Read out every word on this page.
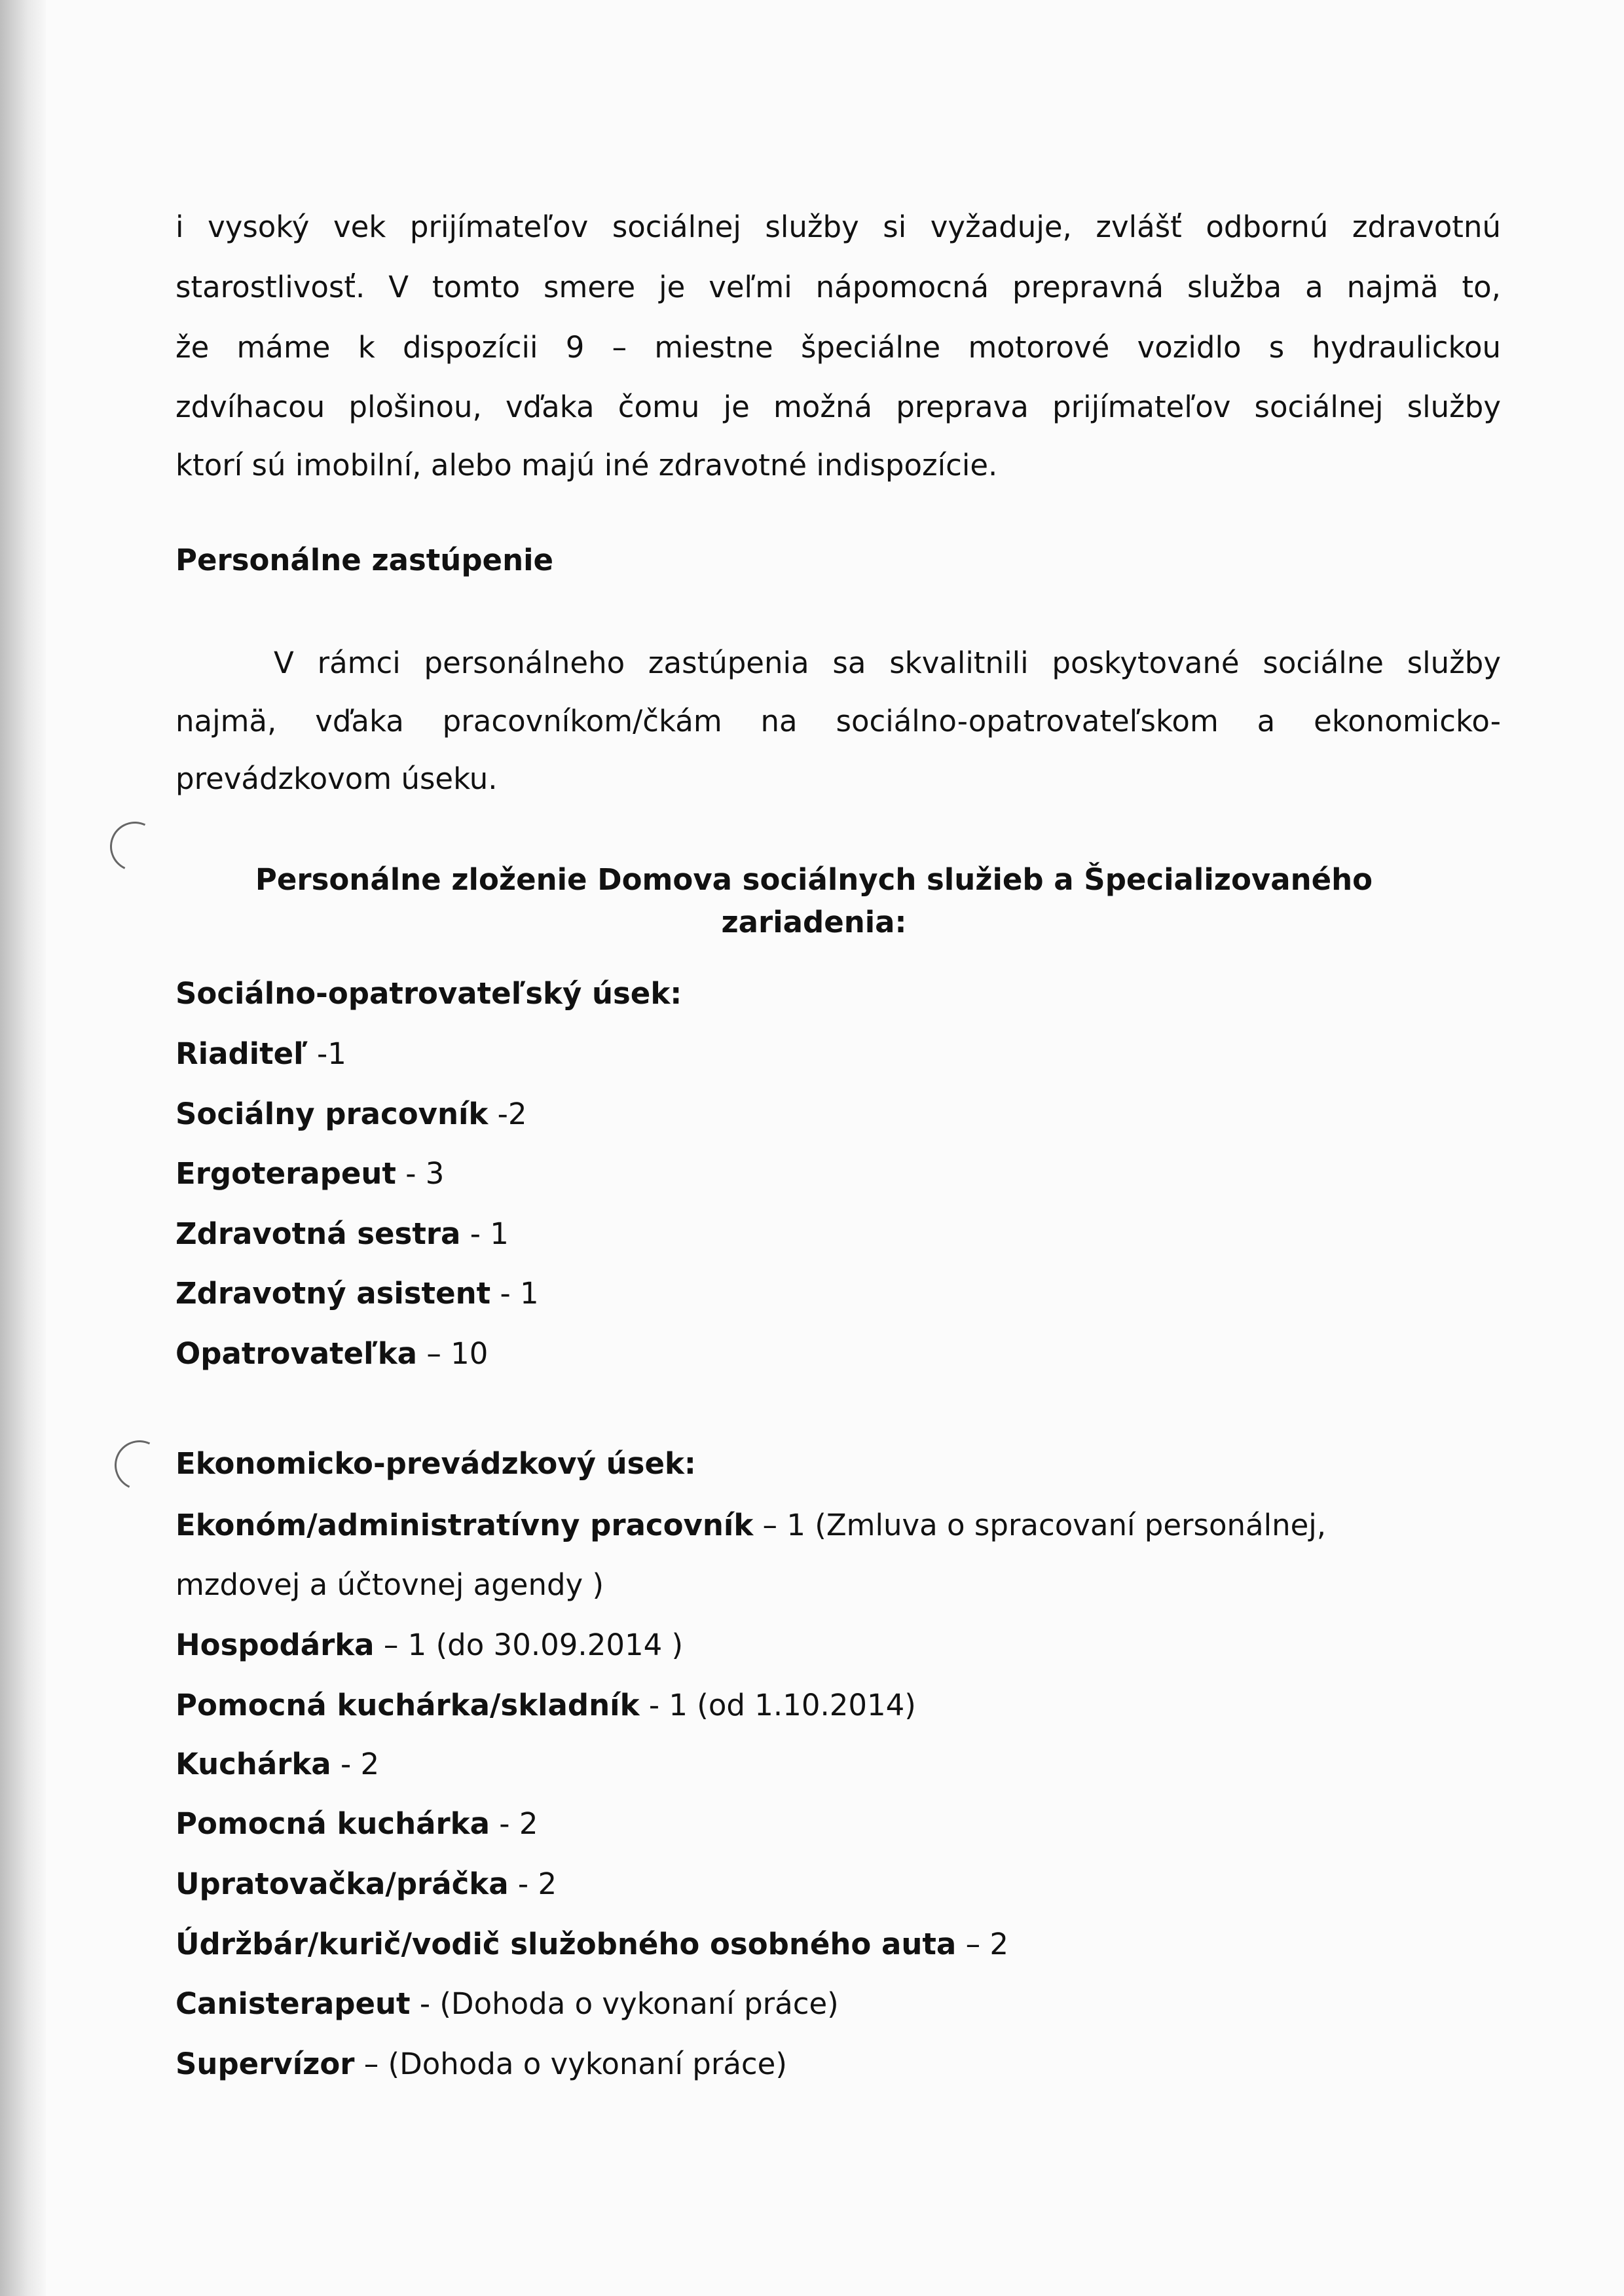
i vysoký vek prijímateľov sociálnej služby si vyžaduje, zvlášť odbornú zdravotnú
starostlivosť. V tomto smere je veľmi nápomocná prepravná služba a najmä to,
že máme k dispozícii 9 – miestne špeciálne motorové vozidlo s hydraulickou
zdvíhacou plošinou, vďaka čomu je možná preprava prijímateľov sociálnej služby
ktorí sú imobilní, alebo majú iné zdravotné indispozície.
Personálne zastúpenie
V rámci personálneho zastúpenia sa skvalitnili poskytované sociálne služby
najmä, vďaka pracovníkom/čkám na sociálno-opatrovateľskom a ekonomicko-
prevádzkovom úseku.
Personálne zloženie Domova sociálnych služieb a Špecializovaného
zariadenia:
Sociálno-opatrovateľský úsek:
Riaditeľ -1
Sociálny pracovník -2
Ergoterapeut - 3
Zdravotná sestra - 1
Zdravotný asistent - 1
Opatrovateľka – 10
Ekonomicko-prevádzkový úsek:
Ekonóm/administratívny pracovník – 1 (Zmluva o spracovaní personálnej,
mzdovej a účtovnej agendy )
Hospodárka – 1 (do 30.09.2014 )
Pomocná kuchárka/skladník - 1 (od 1.10.2014)
Kuchárka - 2
Pomocná kuchárka - 2
Upratovačka/práčka - 2
Údržbár/kurič/vodič služobného osobného auta – 2
Canisterapeut - (Dohoda o vykonaní práce)
Supervízor – (Dohoda o vykonaní práce)
